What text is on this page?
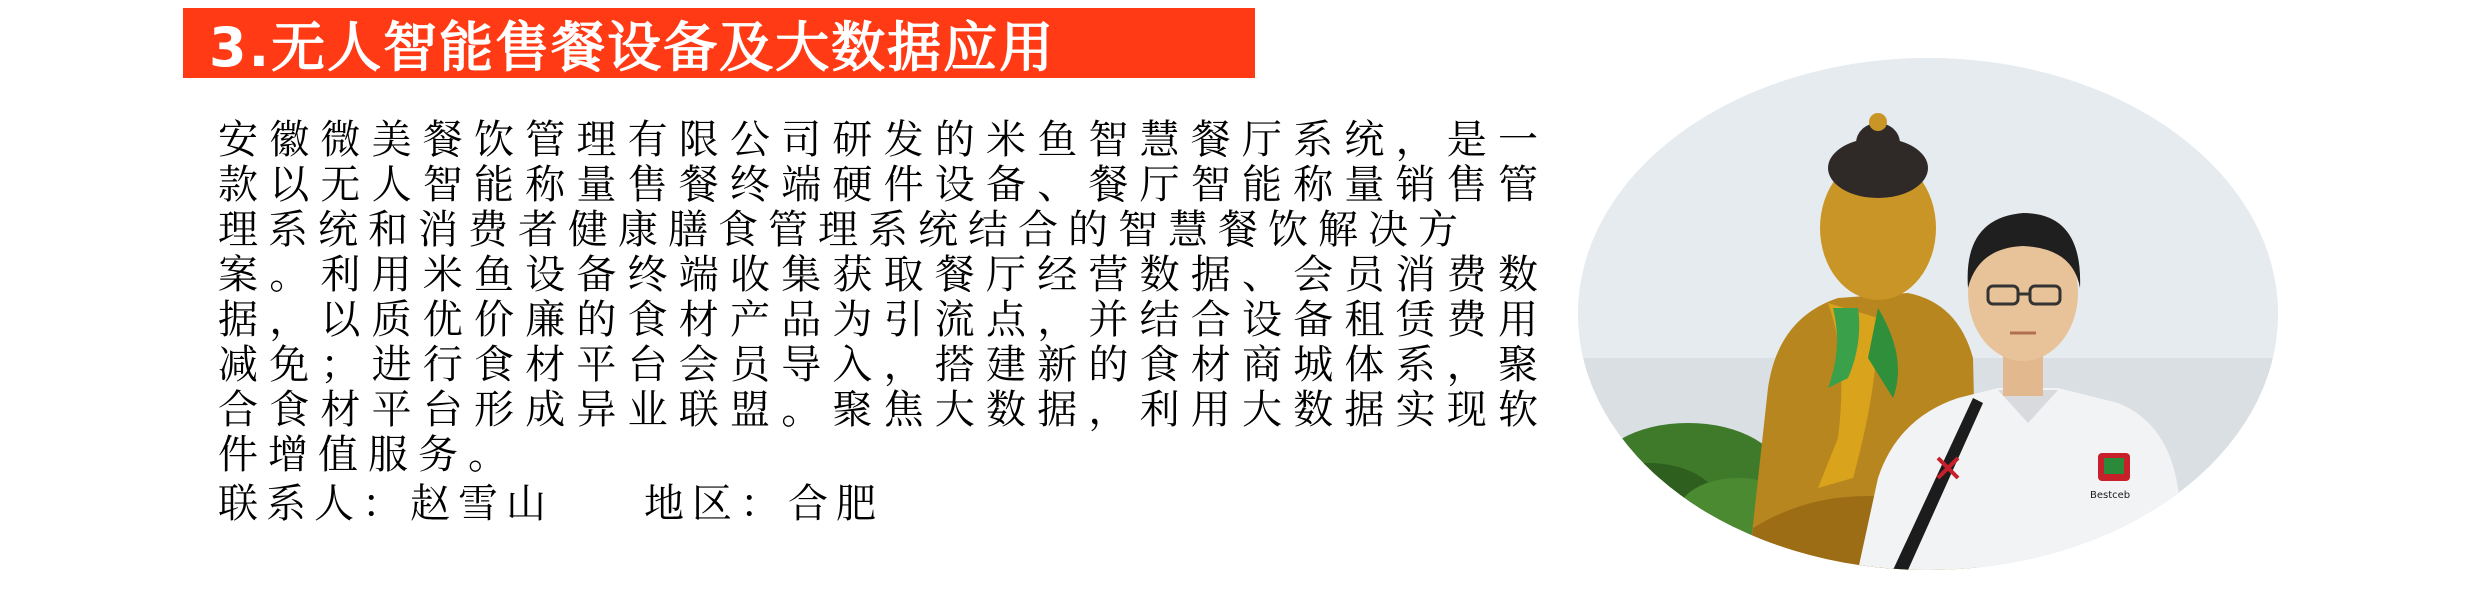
3.无人智能售餐设备及大数据应用
安徽微美餐饮管理有限公司研发的米鱼智慧餐厅系统，是一
款以无人智能称量售餐终端硬件设备、餐厅智能称量销售管
理系统和消费者健康膳食管理系统结合的智慧餐饮解决方
案。利用米鱼设备终端收集获取餐厅经营数据、会员消费数
据，以质优价廉的食材产品为引流点，并结合设备租赁费用
减免；进行食材平台会员导入，搭建新的食材商城体系，聚
合食材平台形成异业联盟。聚焦大数据，利用大数据实现软
件增值服务。
联系人：赵雪山 地区：合肥	Bestceb
